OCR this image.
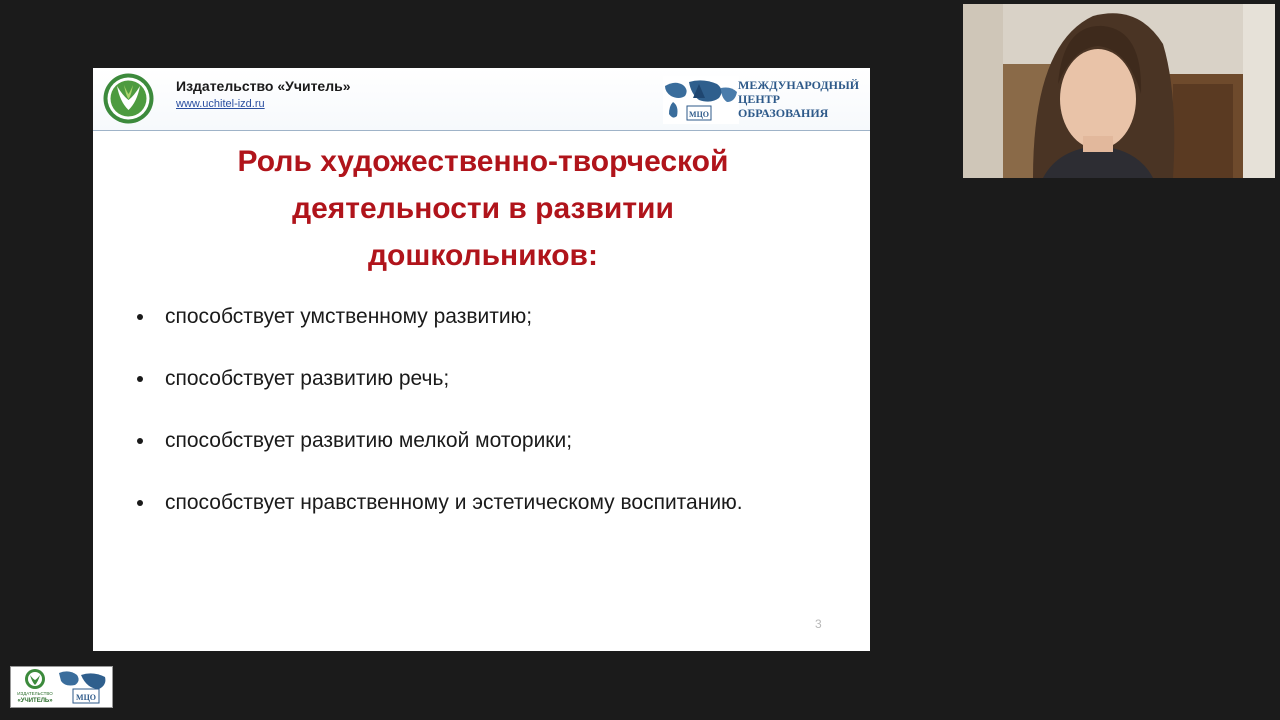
Издательство «Учитель»
www.uchitel-izd.ru
МЦО
МЕЖДУНАРОДНЫЙ
ЦЕНТР
ОБРАЗОВАНИЯ
Роль художественно-творческой
деятельности в развитии
дошкольников:
способствует умственному развитию;
способствует развитию речь;
способствует развитию мелкой моторики;
способствует нравственному и эстетическому воспитанию.
3
ИЗДАТЕЛЬСТВО
«УЧИТЕЛЬ»	МЦО
